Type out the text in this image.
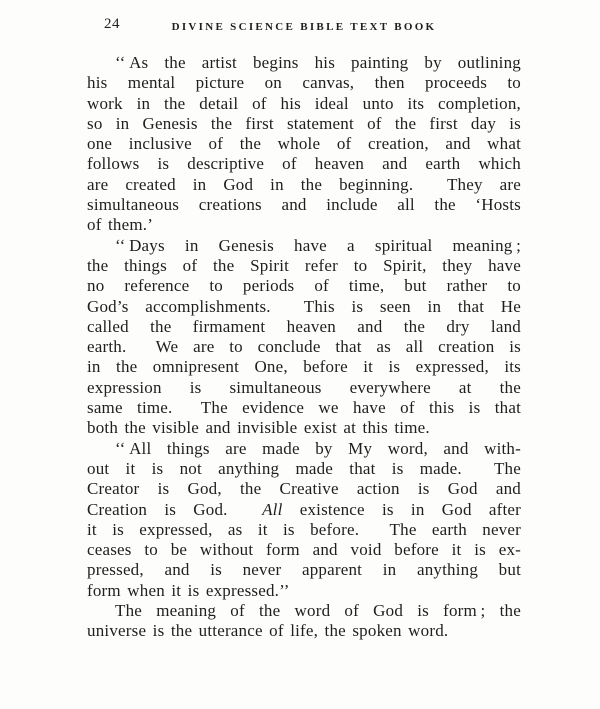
24	DIVINE SCIENCE BIBLE TEXT BOOK
‘‘ As the artist begins his painting by outlining
his mental picture on canvas, then proceeds to
work in the detail of his ideal unto its completion,
so in Genesis the first statement of the first day is
one inclusive of the whole of creation, and what
follows is descriptive of heaven and earth which
are created in God in the beginning.  They are
simultaneous creations and include all the ‘Hosts
of them.’
‘‘ Days in Genesis have a spiritual meaning ;
the things of the Spirit refer to Spirit, they have
no reference to periods of time, but rather to
God’s accomplishments.  This is seen in that He
called the firmament heaven and the dry land
earth.  We are to conclude that as all creation is
in the omnipresent One, before it is expressed, its
expression is simultaneous everywhere at the
same time.  The evidence we have of this is that
both the visible and invisible exist at this time.
‘‘ All things are made by My word, and with-
out it is not anything made that is made.  The
Creator is God, the Creative action is God and
Creation is God.  All existence is in God after
it is expressed, as it is before.  The earth never
ceases to be without form and void before it is ex-
pressed, and is never apparent in anything but
form when it is expressed.’’
The meaning of the word of God is form ; the
universe is the utterance of life, the spoken word.
